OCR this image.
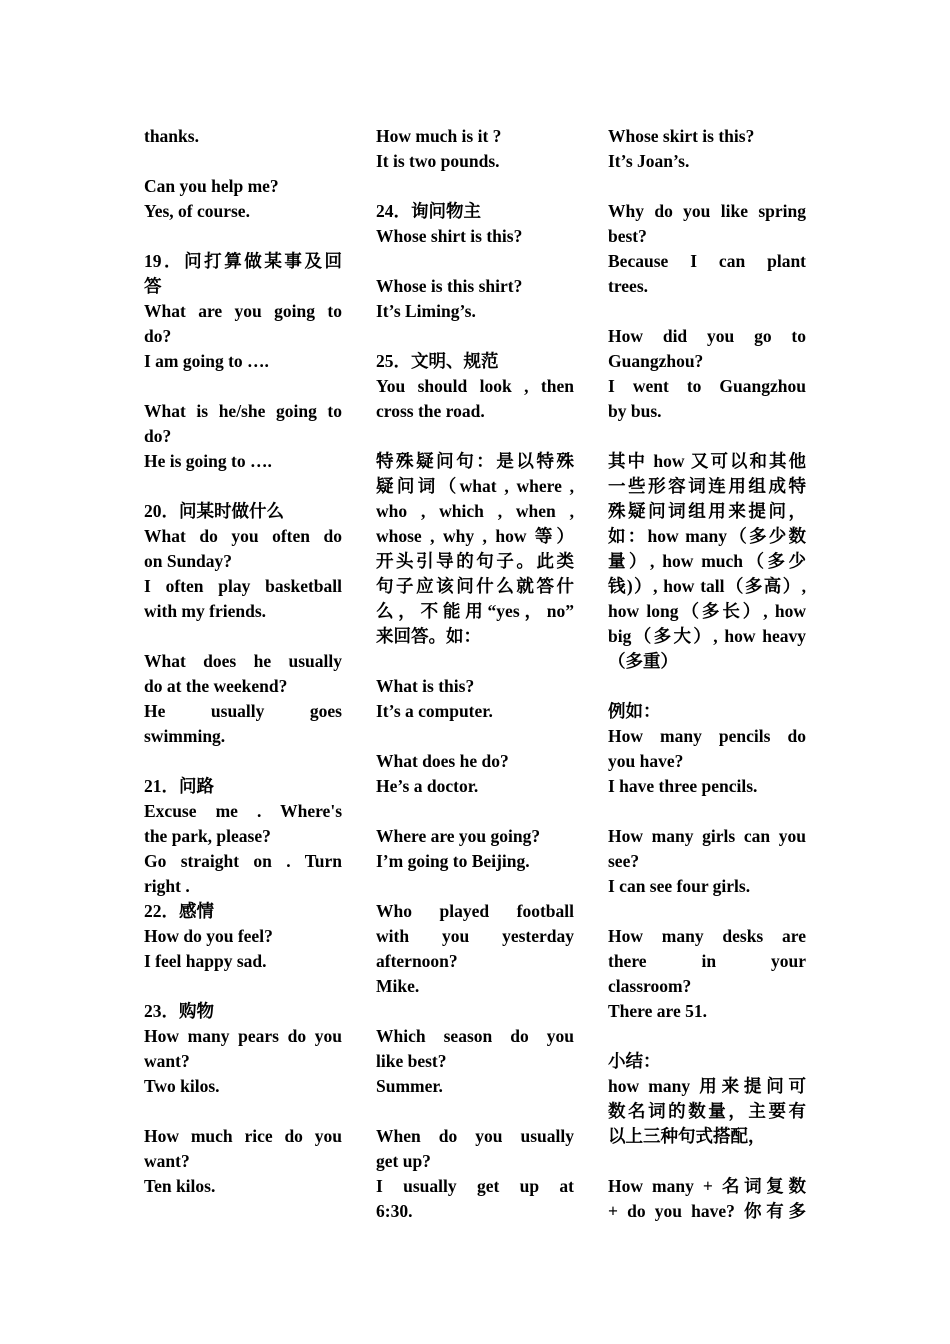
thanks.
Can you help me?
Yes, of course.
19．问打算做某事及回
答
What are you going to
do?
I am going to ….
What is he/she going to
do?
He is going to ….
20．问某时做什么
What do you often do
on Sunday?
I often play basketball
with my friends.
What does he usually
do at the weekend?
He usually goes
swimming.
21．问路
Excuse me . Where's
the park, please?
Go straight on . Turn
right .
22．感情
How do you feel?
I feel happy sad.
23．购物
How many pears do you
want?
Two kilos.
How much rice do you
want?
Ten kilos.
How much is it ?
It is two pounds.
24．询问物主
Whose shirt is this?
Whose is this shirt?
It’s Liming’s.
25．文明、规范
You should look , then
cross the road.
特殊疑问句：是以特殊
疑问词（what , where ,
who , which , when ,
whose , why , how 等）
开头引导的句子。此类
句子应该问什么就答什
么，不能用“yes，no”
来回答。如：
What is this?
It’s a computer.
What does he do?
He’s a doctor.
Where are you going?
I’m going to Beijing.
Who played football
with you yesterday
afternoon?
Mike.
Which season do you
like best?
Summer.
When do you usually
get up?
I usually get up at
6:30.
Whose skirt is this?
It’s Joan’s.
Why do you like spring
best?
Because I can plant
trees.
How did you go to
Guangzhou?
I went to Guangzhou
by bus.
其中 how 又可以和其他
一些形容词连用组成特
殊疑问词组用来提问，
如：how many（多少数
量）, how much（多少
钱)）, how tall（多高）,
how long（多长）, how
big（多大）, how heavy
（多重）
例如：
How many pencils do
you have?
I have three pencils.
How many girls can you
see?
I can see four girls.
How many desks are
there in your
classroom?
There are 51.
小结：
how many 用来提问可
数名词的数量，主要有
以上三种句式搭配，
How many + 名词复数
+ do you have? 你有多
